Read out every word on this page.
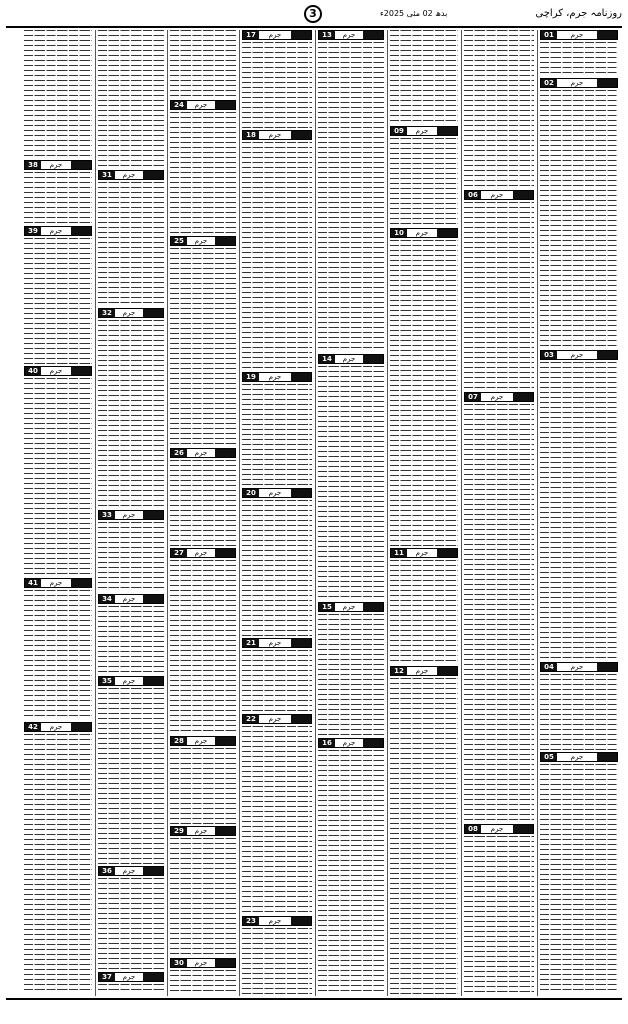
روزنامہ جرم، کراچی
3	بدھ 02 مئی 2025ء
01	جرم
02	جرم
03	جرم
04	جرم
05	جرم
06	جرم
07	جرم
08	جرم
09	جرم
10	جرم
11	جرم
12	جرم
13	جرم
14	جرم
15	جرم
16	جرم
17	جرم
18	جرم
19	جرم
20	جرم
21	جرم
22	جرم
23	جرم
24	جرم
25	جرم
26	جرم
27	جرم
28	جرم
29	جرم
30	جرم
31	جرم
32	جرم
33	جرم
34	جرم
35	جرم
36	جرم
37	جرم
38	جرم
39	جرم
40	جرم
41	جرم
42	جرم
